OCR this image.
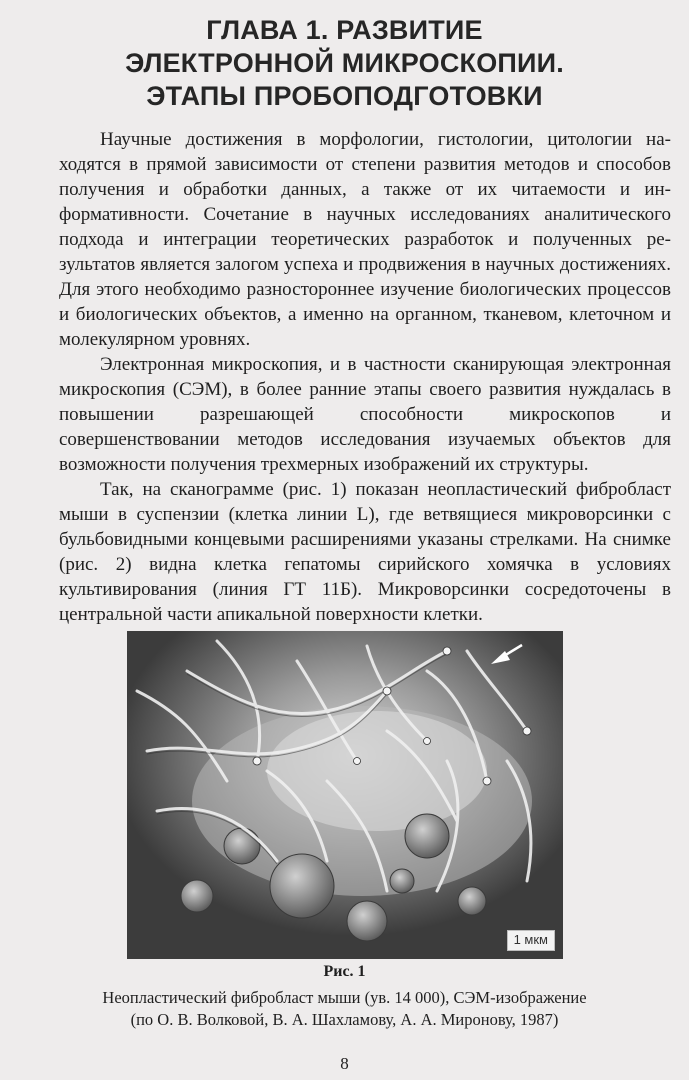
ГЛАВА 1. РАЗВИТИЕ
ЭЛЕКТРОННОЙ МИКРОСКОПИИ.
ЭТАПЫ ПРОБОПОДГОТОВКИ

Научные достижения в морфологии, гистологии, цитологии находятся в прямой зависимости от степени развития методов и способов получения и обработки данных, а также от их читаемости и информативности. Сочетание в научных исследованиях аналитического подхода и интеграции теоретических разработок и полученных результатов является залогом успеха и продвижения в научных достижениях. Для этого необходимо разностороннее изучение биологических процессов и биологических объектов, а именно на органном, тканевом, клеточном и молекулярном уровнях.

Электронная микроскопия, и в частности сканирующая электронная микроскопия (СЭМ), в более ранние этапы своего развития нуждалась в повышении разрешающей способности микроскопов и совершенствовании методов исследования изучаемых объектов для возможности получения трехмерных изображений их структуры.

Так, на сканограмме (рис. 1) показан неопластический фибробласт мыши в суспензии (клетка линии L), где ветвящиеся микроворсинки с бульбовидными концевыми расширениями указаны стрелками. На снимке (рис. 2) видна клетка гепатомы сирийского хомячка в условиях культивирования (линия ГТ 11Б). Микроворсинки сосредоточены в центральной части апикальной поверхности клетки.

1 мкм
Рис. 1
Неопластический фибробласт мыши (ув. 14 000), СЭМ-изображение
(по О. В. Волковой, В. А. Шахламову, А. А. Миронову, 1987)
8
